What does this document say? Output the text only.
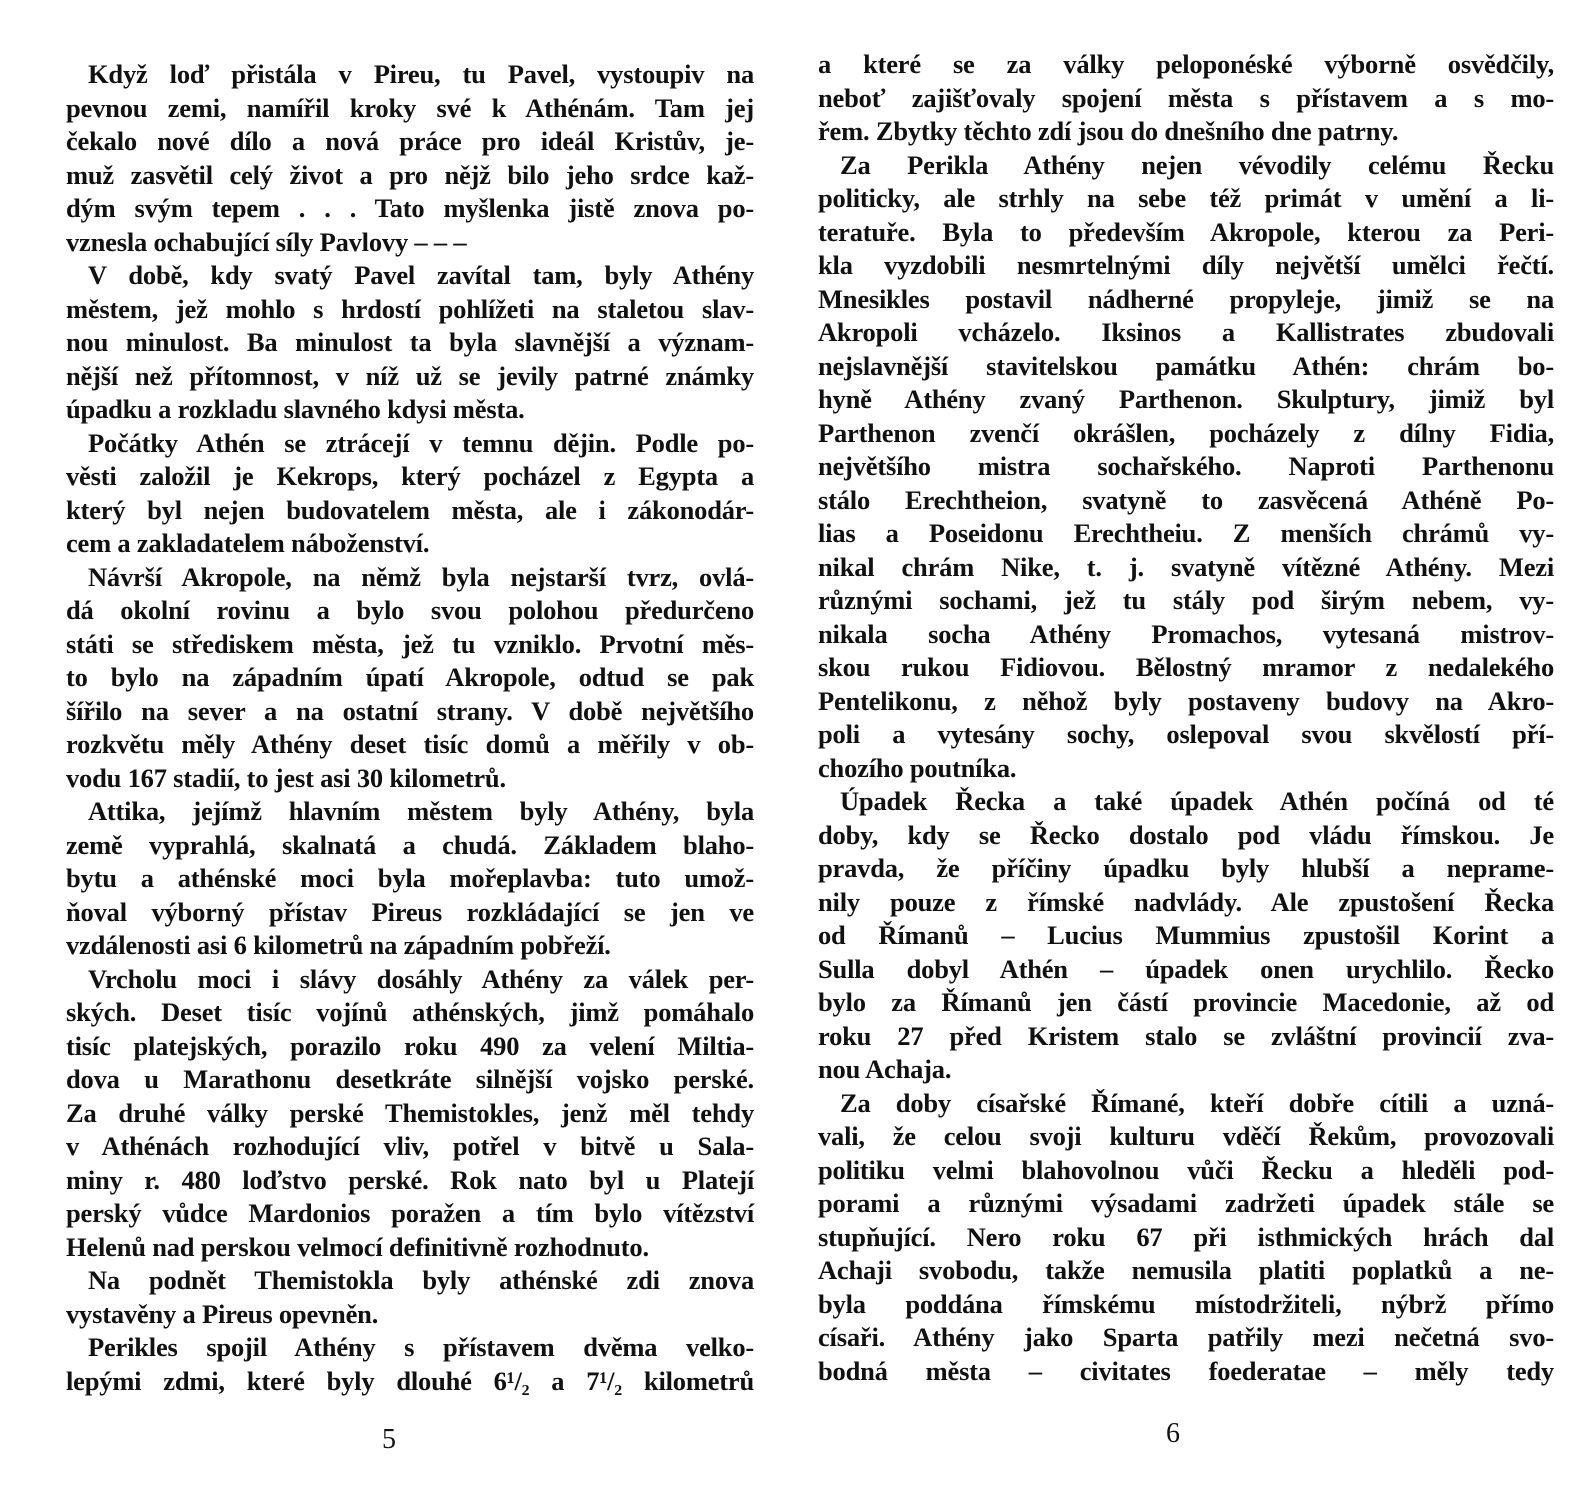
Když loď přistála v Pireu, tu Pavel, vystoupiv na
pevnou zemi, namířil kroky své k Athénám. Tam jej
čekalo nové dílo a nová práce pro ideál Kristův, je-
muž zasvětil celý život a pro nějž bilo jeho srdce kaž-
dým svým tepem . . . Tato myšlenka jistě znova po-
vznesla ochabující síly Pavlovy – – –
V době, kdy svatý Pavel zavítal tam, byly Athény
městem, jež mohlo s hrdostí pohlížeti na staletou slav-
nou minulost. Ba minulost ta byla slavnější a význam-
nější než přítomnost, v níž už se jevily patrné známky
úpadku a rozkladu slavného kdysi města.
Počátky Athén se ztrácejí v temnu dějin. Podle po-
věsti založil je Kekrops, který pocházel z Egypta a
který byl nejen budovatelem města, ale i zákonodár-
cem a zakladatelem náboženství.
Návrší Akropole, na němž byla nejstarší tvrz, ovlá-
dá okolní rovinu a bylo svou polohou předurčeno
státi se střediskem města, jež tu vzniklo. Prvotní měs-
to bylo na západním úpatí Akropole, odtud se pak
šířilo na sever a na ostatní strany. V době největšího
rozkvětu měly Athény deset tisíc domů a měřily v ob-
vodu 167 stadií, to jest asi 30 kilometrů.
Attika, jejímž hlavním městem byly Athény, byla
země vyprahlá, skalnatá a chudá. Základem blaho-
bytu a athénské moci byla mořeplavba: tuto umož-
ňoval výborný přístav Pireus rozkládající se jen ve
vzdálenosti asi 6 kilometrů na západním pobřeží.
Vrcholu moci i slávy dosáhly Athény za válek per-
ských. Deset tisíc vojínů athénských, jimž pomáhalo
tisíc platejských, porazilo roku 490 za velení Miltia-
dova u Marathonu desetkráte silnější vojsko perské.
Za druhé války perské Themistokles, jenž měl tehdy
v Athénách rozhodující vliv, potřel v bitvě u Sala-
miny r. 480 loďstvo perské. Rok nato byl u Platejí
perský vůdce Mardonios poražen a tím bylo vítězství
Helenů nad perskou velmocí definitivně rozhodnuto.
Na podnět Themistokla byly athénské zdi znova
vystavěny a Pireus opevněn.
Perikles spojil Athény s přístavem dvěma velko-
lepými zdmi, které byly dlouhé 6¹/₂ a 7¹/₂ kilometrů
a které se za války peloponéské výborně osvědčily,
neboť zajišťovaly spojení města s přístavem a s mo-
řem. Zbytky těchto zdí jsou do dnešního dne patrny.
Za Perikla Athény nejen vévodily celému Řecku
politicky, ale strhly na sebe též primát v umění a li-
teratuře. Byla to především Akropole, kterou za Peri-
kla vyzdobili nesmrtelnými díly největší umělci řečtí.
Mnesikles postavil nádherné propyleje, jimiž se na
Akropoli vcházelo. Iksinos a Kallistrates zbudovali
nejslavnější stavitelskou památku Athén: chrám bo-
hyně Athény zvaný Parthenon. Skulptury, jimiž byl
Parthenon zvenčí okrášlen, pocházely z dílny Fidia,
největšího mistra sochařského. Naproti Parthenonu
stálo Erechtheion, svatyně to zasvěcená Athéně Po-
lias a Poseidonu Erechtheiu. Z menších chrámů vy-
nikal chrám Nike, t. j. svatyně vítězné Athény. Mezi
různými sochami, jež tu stály pod širým nebem, vy-
nikala socha Athény Promachos, vytesaná mistrov-
skou rukou Fidiovou. Bělostný mramor z nedalekého
Pentelikonu, z něhož byly postaveny budovy na Akro-
poli a vytesány sochy, oslepoval svou skvělostí pří-
chozího poutníka.
Úpadek Řecka a také úpadek Athén počíná od té
doby, kdy se Řecko dostalo pod vládu římskou. Je
pravda, že příčiny úpadku byly hlubší a neprame-
nily pouze z římské nadvlády. Ale zpustošení Řecka
od Římanů – Lucius Mummius zpustošil Korint a
Sulla dobyl Athén – úpadek onen urychlilo. Řecko
bylo za Římanů jen částí provincie Macedonie, až od
roku 27 před Kristem stalo se zvláštní provincií zva-
nou Achaja.
Za doby císařské Římané, kteří dobře cítili a uzná-
vali, že celou svoji kulturu vděčí Řekům, provozovali
politiku velmi blahovolnou vůči Řecku a hleděli pod-
porami a různými výsadami zadržeti úpadek stále se
stupňující. Nero roku 67 při isthmických hrách dal
Achaji svobodu, takže nemusila platiti poplatků a ne-
byla poddána římskému místodržiteli, nýbrž přímo
císaři. Athény jako Sparta patřily mezi nečetná svo-
bodná města – civitates foederatae – měly tedy
5	6
